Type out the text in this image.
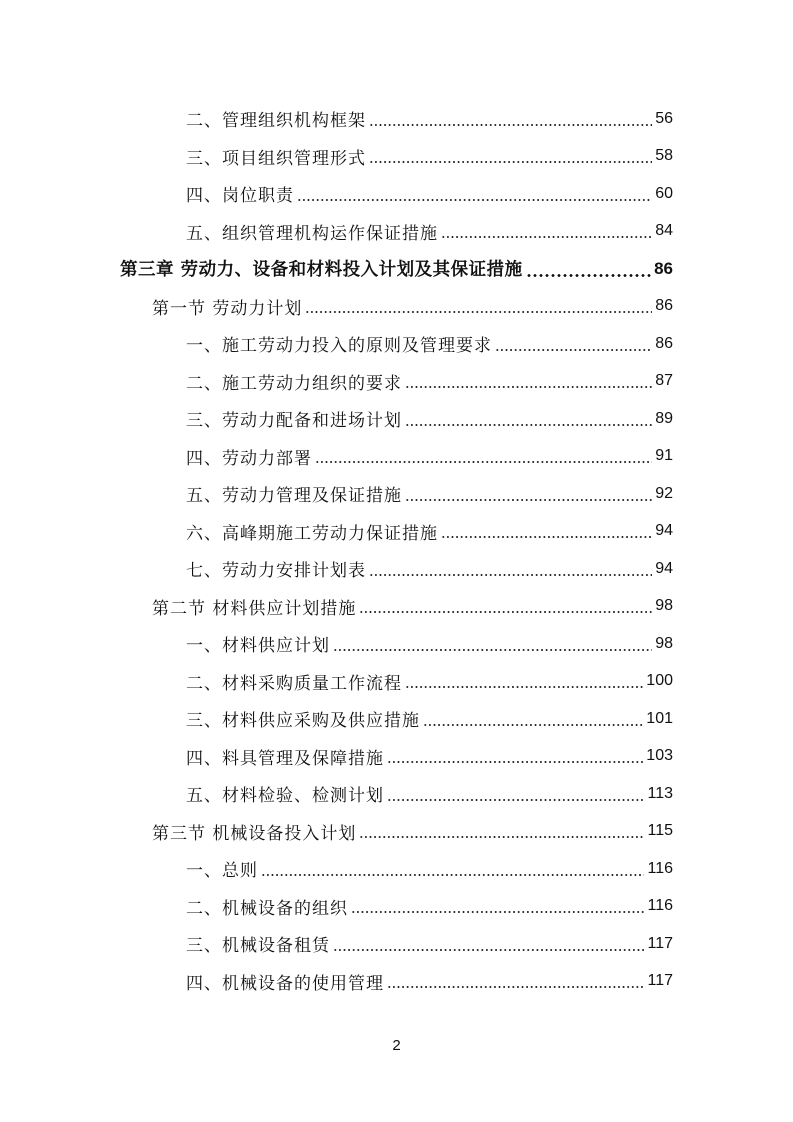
二、管理组织机构框架	56
三、项目组织管理形式	58
四、岗位职责	60
五、组织管理机构运作保证措施	84
第三章 劳动力、设备和材料投入计划及其保证措施	86
第一节 劳动力计划	86
一、施工劳动力投入的原则及管理要求	86
二、施工劳动力组织的要求	87
三、劳动力配备和进场计划	89
四、劳动力部署	91
五、劳动力管理及保证措施	92
六、高峰期施工劳动力保证措施	94
七、劳动力安排计划表	94
第二节 材料供应计划措施	98
一、材料供应计划	98
二、材料采购质量工作流程	100
三、材料供应采购及供应措施	101
四、料具管理及保障措施	103
五、材料检验、检测计划	113
第三节 机械设备投入计划	115
一、总则	116
二、机械设备的组织	116
三、机械设备租赁	117
四、机械设备的使用管理	117
2
